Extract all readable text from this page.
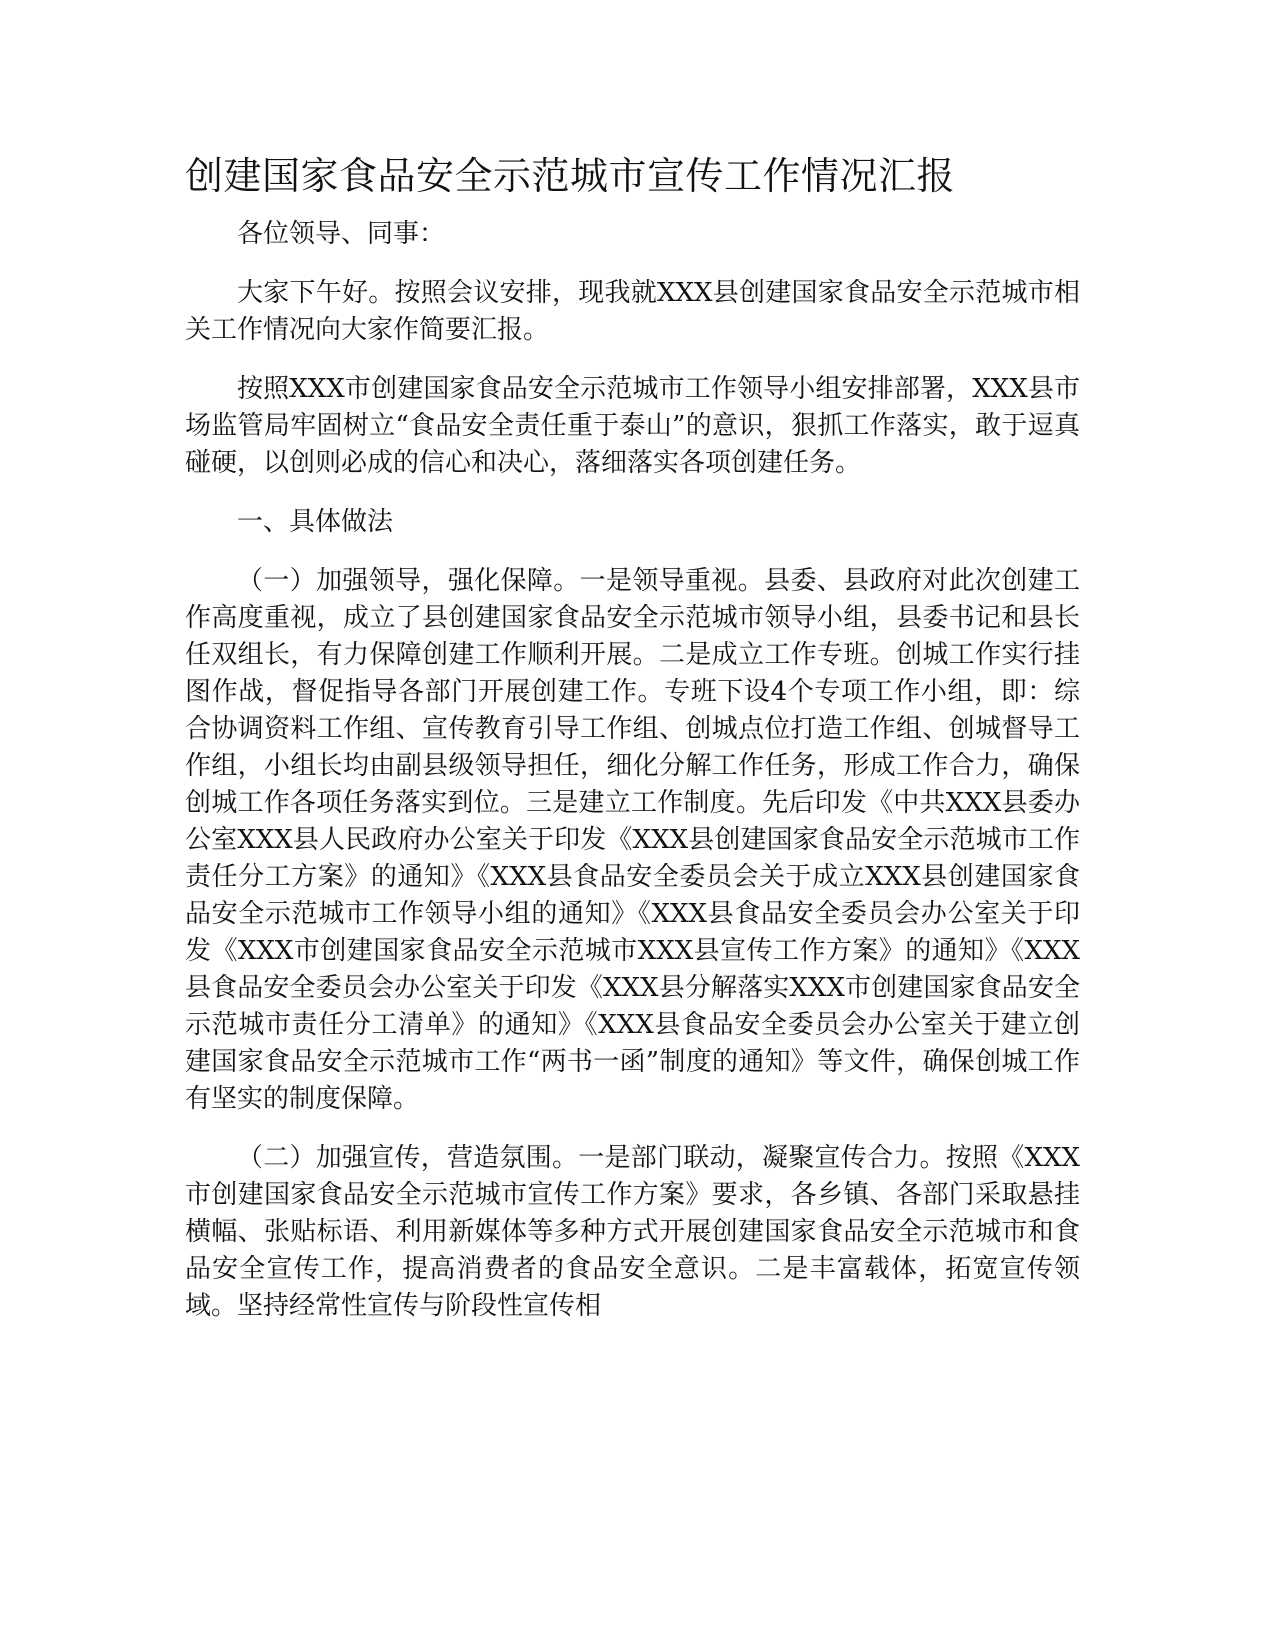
创建国家食品安全示范城市宣传工作情况汇报

各位领导、同事：

大家下午好。按照会议安排，现我就XXX县创建国家食品安全示范城市相关工作情况向大家作简要汇报。

按照XXX市创建国家食品安全示范城市工作领导小组安排部署，XXX县市场监管局牢固树立“食品安全责任重于泰山”的意识，狠抓工作落实，敢于逗真碰硬，以创则必成的信心和决心，落细落实各项创建任务。

一、具体做法

（一）加强领导，强化保障。一是领导重视。县委、县政府对此次创建工作高度重视，成立了县创建国家食品安全示范城市领导小组，县委书记和县长任双组长，有力保障创建工作顺利开展。二是成立工作专班。创城工作实行挂图作战，督促指导各部门开展创建工作。专班下设4个专项工作小组，即：综合协调资料工作组、宣传教育引导工作组、创城点位打造工作组、创城督导工作组，小组长均由副县级领导担任，细化分解工作任务，形成工作合力，确保创城工作各项任务落实到位。三是建立工作制度。先后印发《中共XXX县委办公室XXX县人民政府办公室关于印发《XXX县创建国家食品安全示范城市工作责任分工方案》的通知》《XXX县食品安全委员会关于成立XXX县创建国家食品安全示范城市工作领导小组的通知》《XXX县食品安全委员会办公室关于印发《XXX市创建国家食品安全示范城市XXX县宣传工作方案》的通知》《XXX县食品安全委员会办公室关于印发《XXX县分解落实XXX市创建国家食品安全示范城市责任分工清单》的通知》《XXX县食品安全委员会办公室关于建立创建国家食品安全示范城市工作“两书一函”制度的通知》等文件，确保创城工作有坚实的制度保障。

（二）加强宣传，营造氛围。一是部门联动，凝聚宣传合力。按照《XXX市创建国家食品安全示范城市宣传工作方案》要求，各乡镇、各部门采取悬挂横幅、张贴标语、利用新媒体等多种方式开展创建国家食品安全示范城市和食品安全宣传工作，提高消费者的食品安全意识。二是丰富载体，拓宽宣传领域。坚持经常性宣传与阶段性宣传相
